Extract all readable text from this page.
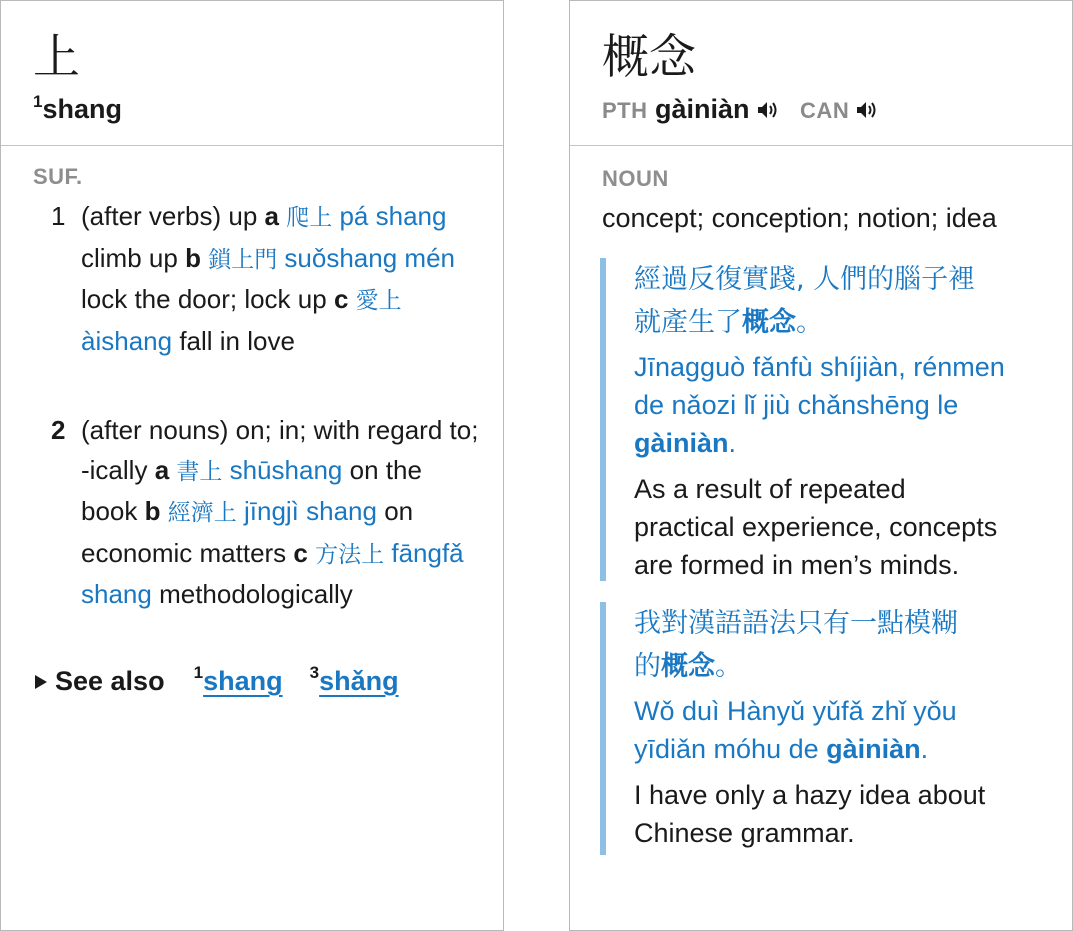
上
$^1$shang
SUF.
1 (after verbs) up a 爬上 pá shang climb up b 鎖上門 suǒshang mén lock the door; lock up c 愛上 àishang fall in love
2 (after nouns) on; in; with regard to; -ically a 書上 shūshang on the book b 經濟上 jīngjì shang on economic matters c 方法上 fāngfǎ shang methodologically
See also $^1$shang $^3$shǎng
概念
PTH gàiniàn CAN
NOUN
concept; conception; notion; idea
經過反復實踐, 人們的腦子裡
就產生了概念。
Jīnagguò fǎnfù shíjiàn, rénmen
de nǎozi lǐ jiù chǎnshēng le
gàiniàn.
As a result of repeated
practical experience, concepts
are formed in men’s minds.
我對漢語語法只有一點模糊
的概念。
Wǒ duì Hànyǔ yǔfǎ zhǐ yǒu
yīdiǎn móhu de gàiniàn.
I have only a hazy idea about
Chinese grammar.
